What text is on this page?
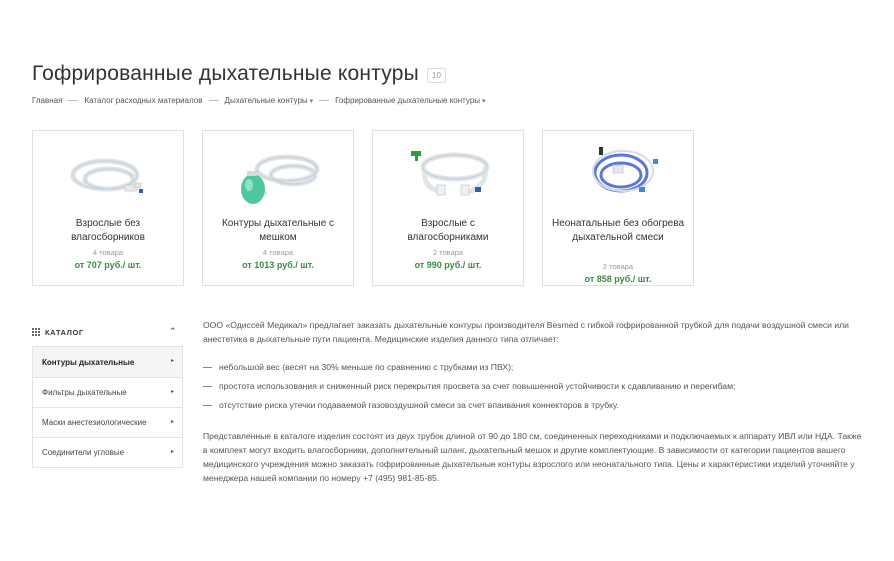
Гофрированные дыхательные контуры	10
Главная	Каталог расходных материалов	Дыхательные контуры ▾	Гофрированные дыхательные контуры ▾
Взрослые без влагосборников
4 товара
от 707 руб./ шт.
Контуры дыхательные с мешком
4 товара
от 1013 руб./ шт.
Взрослые с влагосборниками
2 товара
от 990 руб./ шт.
Неонатальные без обогрева дыхательной смеси
2 товара
от 858 руб./ шт.
КАТАЛОГ	⌃
Контуры дыхательные	▸
Фильтры дыхательные	▸
Маски анестезиологические	▸
Соединители угловые	▸

ООО «Одиссей Медикал» предлагает заказать дыхательные контуры производителя Besmed с гибкой гофрированной трубкой для подачи воздушной смеси или анестетика в дыхательные пути пациента. Медицинские изделия данного типа отличает:

небольшой вес (весят на 30% меньше по сравнению с трубками из ПВХ);
простота использования и сниженный риск перекрытия просвета за счет повышенной устойчивости к сдавливанию и перегибам;
отсутствие риска утечки подаваемой газовоздушной смеси за счет впаивания коннекторов в трубку.

Представленные в каталоге изделия состоят из двух трубок длиной от 90 до 180 см, соединенных переходниками и подключаемых к аппарату ИВЛ или НДА. Также в комплект могут входить влагосборники, дополнительный шланг, дыхательный мешок и другие комплектующие. В зависимости от категории пациентов вашего медицинского учреждения можно заказать гофрированные дыхательные контуры взрослого или неонатального типа. Цены и характеристики изделий уточняйте у менеджера нашей компании по номеру +7 (495) 981-85-85.
